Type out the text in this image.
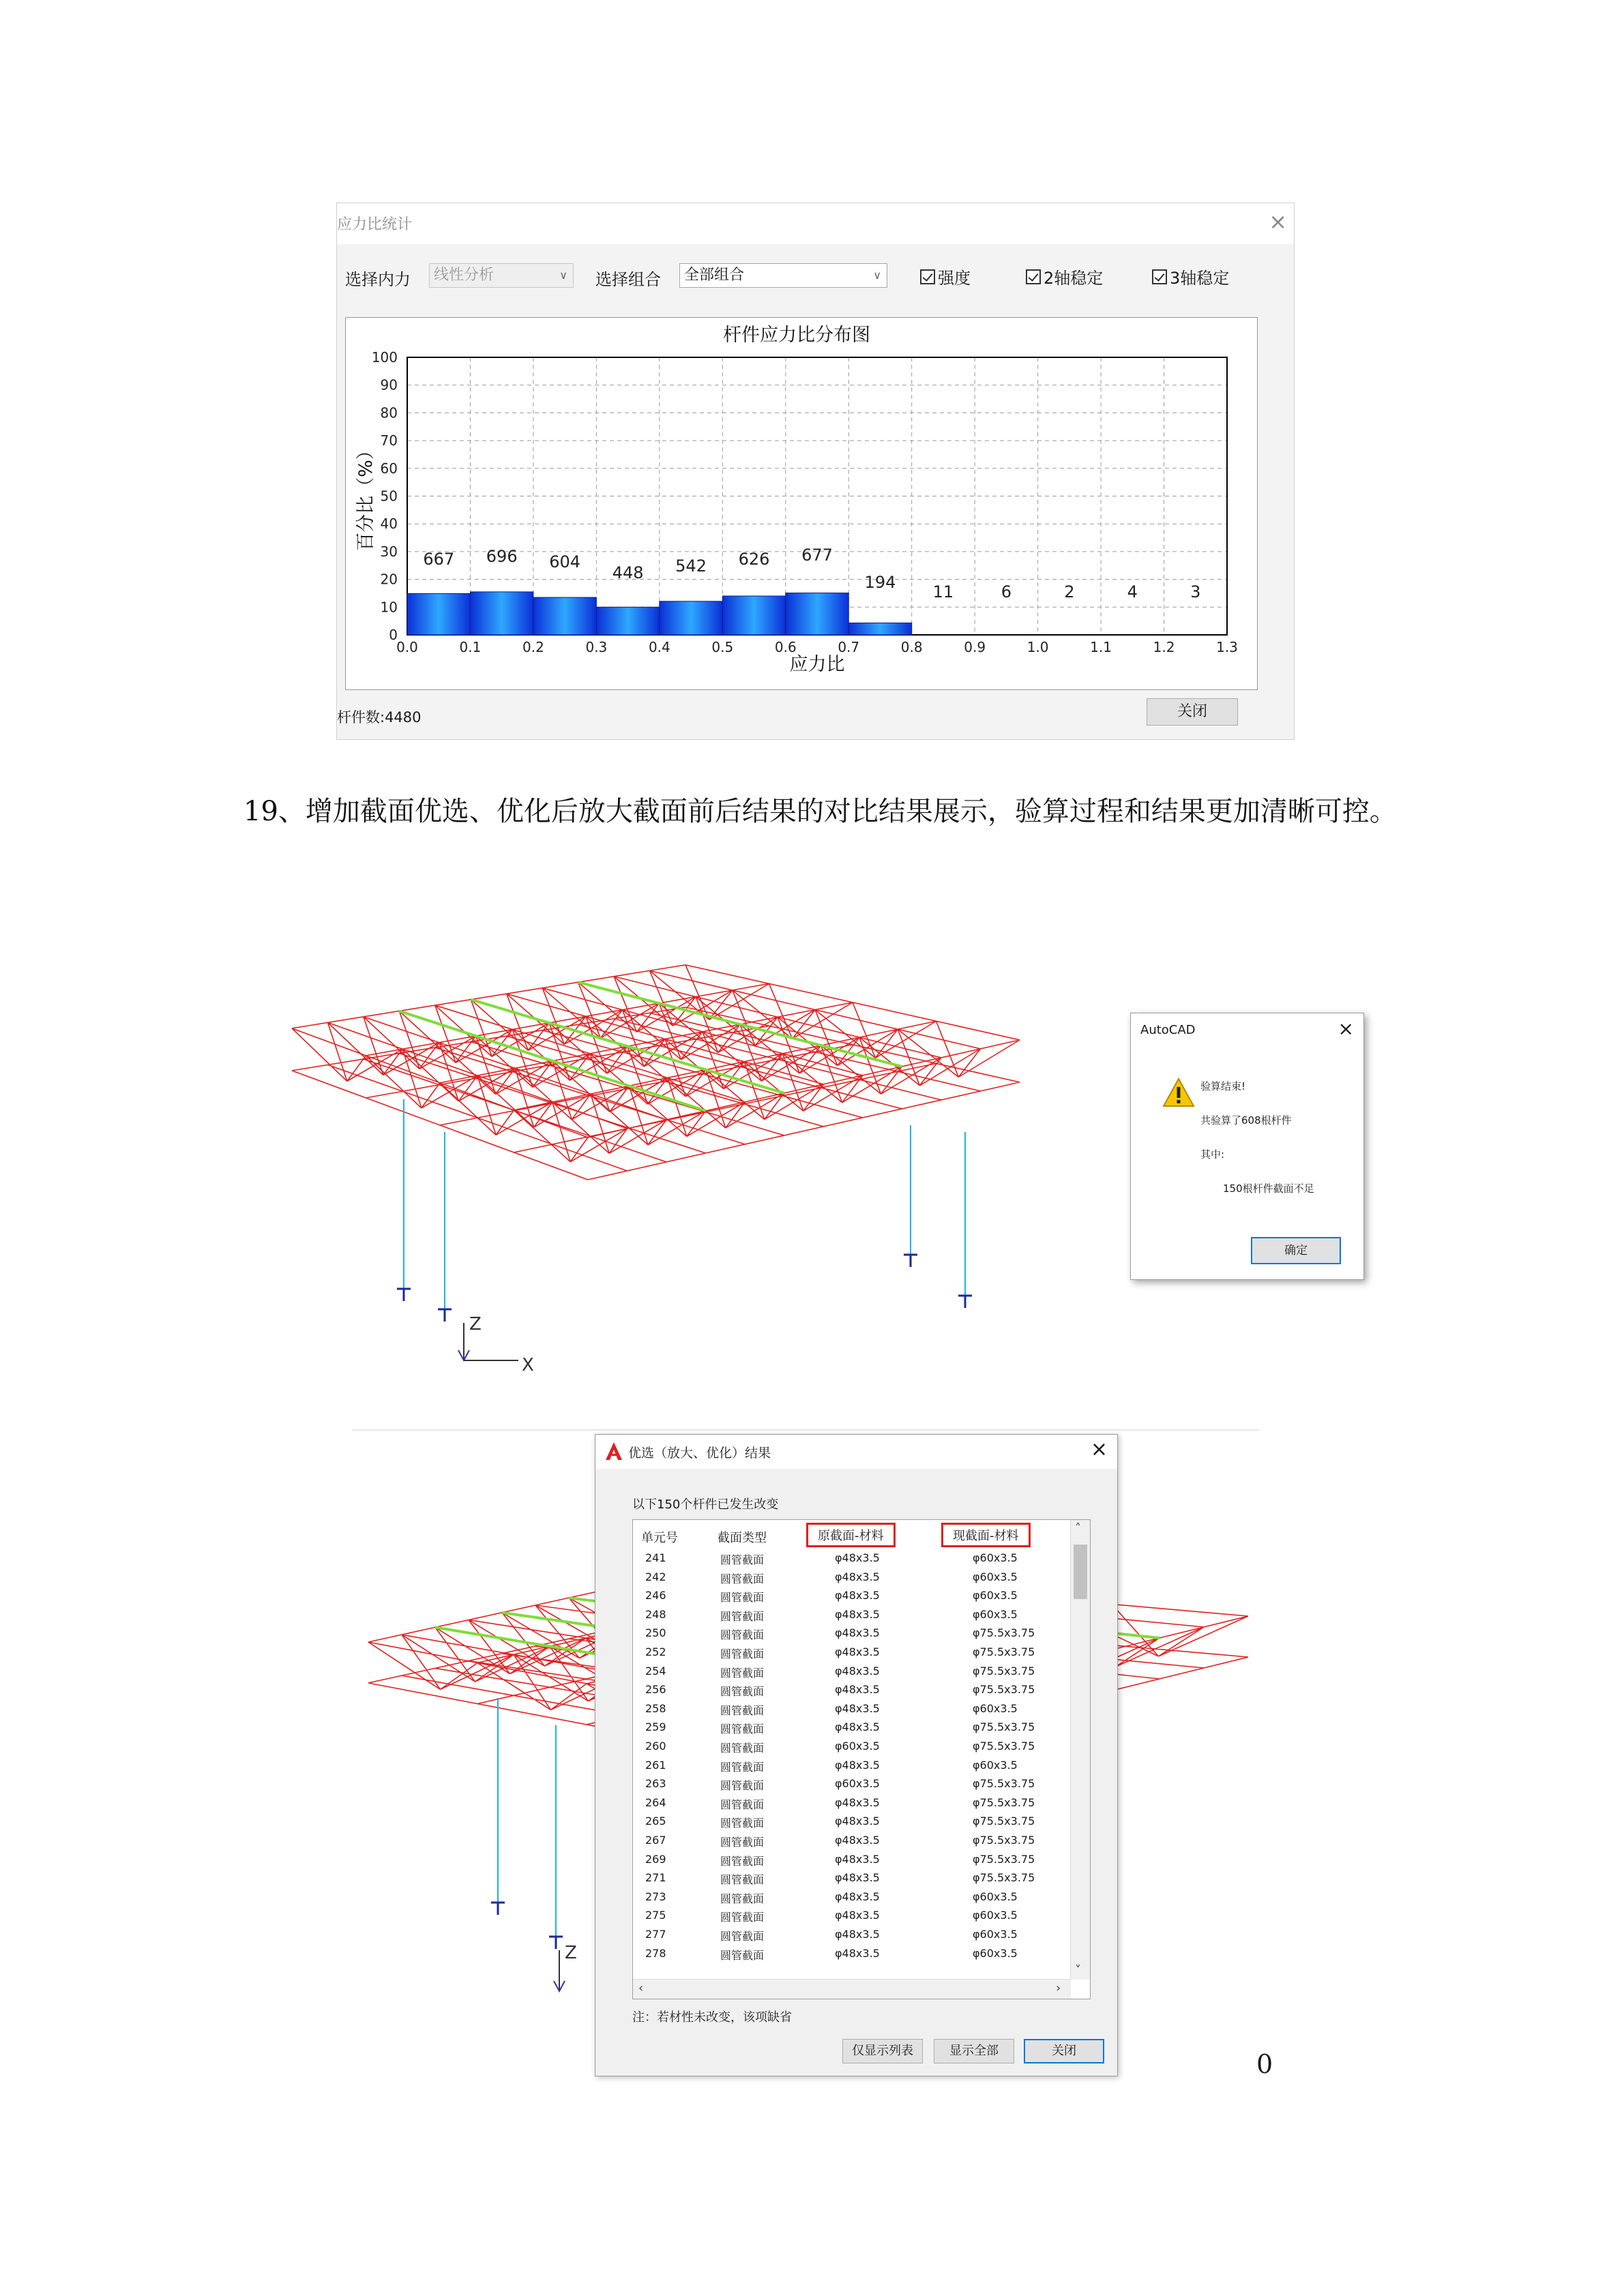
应力比统计	×
选择内力	线性分析	∨ 选择组合	全部组合	∨	强度	2轴稳定	3轴稳定
667 696 604
448 542 626 677
194 11	6	2	4	3
0
10
20
30
40
50
60
70
80
90
100
0.0	0.1	0.2	0.3	0.4	0.5	0.6	0.7	0.8	0.9	1.0	1.1	1.2	1.3
杆件应力比分布图
应力比
百分比（%）
杆件数:4480	关闭
19、增加截面优选、优化后放大截面前后结果的对比结果展示，验算过程和结果更加清晰可控。
Z
X
AutoCAD	×
验算结束!
共验算了608根杆件
其中:
150根杆件截面不足
确定
Z
优选（放大、优化）结果	×
以下150个杆件已发生改变
单元号	截面类型	原截面-材料	现截面-材料
241	圆管截面	φ48x3.5	φ60x3.5
242	圆管截面	φ48x3.5	φ60x3.5
246	圆管截面	φ48x3.5	φ60x3.5
248	圆管截面	φ48x3.5	φ60x3.5
250	圆管截面	φ48x3.5	φ75.5x3.75
252	圆管截面	φ48x3.5	φ75.5x3.75
254	圆管截面	φ48x3.5	φ75.5x3.75
256	圆管截面	φ48x3.5	φ75.5x3.75
258	圆管截面	φ48x3.5	φ60x3.5
259	圆管截面	φ48x3.5	φ75.5x3.75
260	圆管截面	φ60x3.5	φ75.5x3.75
261	圆管截面	φ48x3.5	φ60x3.5
263	圆管截面	φ60x3.5	φ75.5x3.75
264	圆管截面	φ48x3.5	φ75.5x3.75
265	圆管截面	φ48x3.5	φ75.5x3.75
267	圆管截面	φ48x3.5	φ75.5x3.75
269	圆管截面	φ48x3.5	φ75.5x3.75
271	圆管截面	φ48x3.5	φ75.5x3.75
273	圆管截面	φ48x3.5	φ60x3.5
275	圆管截面	φ48x3.5	φ60x3.5
277	圆管截面	φ48x3.5	φ60x3.5
278	圆管截面	φ48x3.5	φ60x3.5
˄
˅
‹	›
注：若材性未改变，该项缺省
仅显示列表	显示全部	关闭	0
